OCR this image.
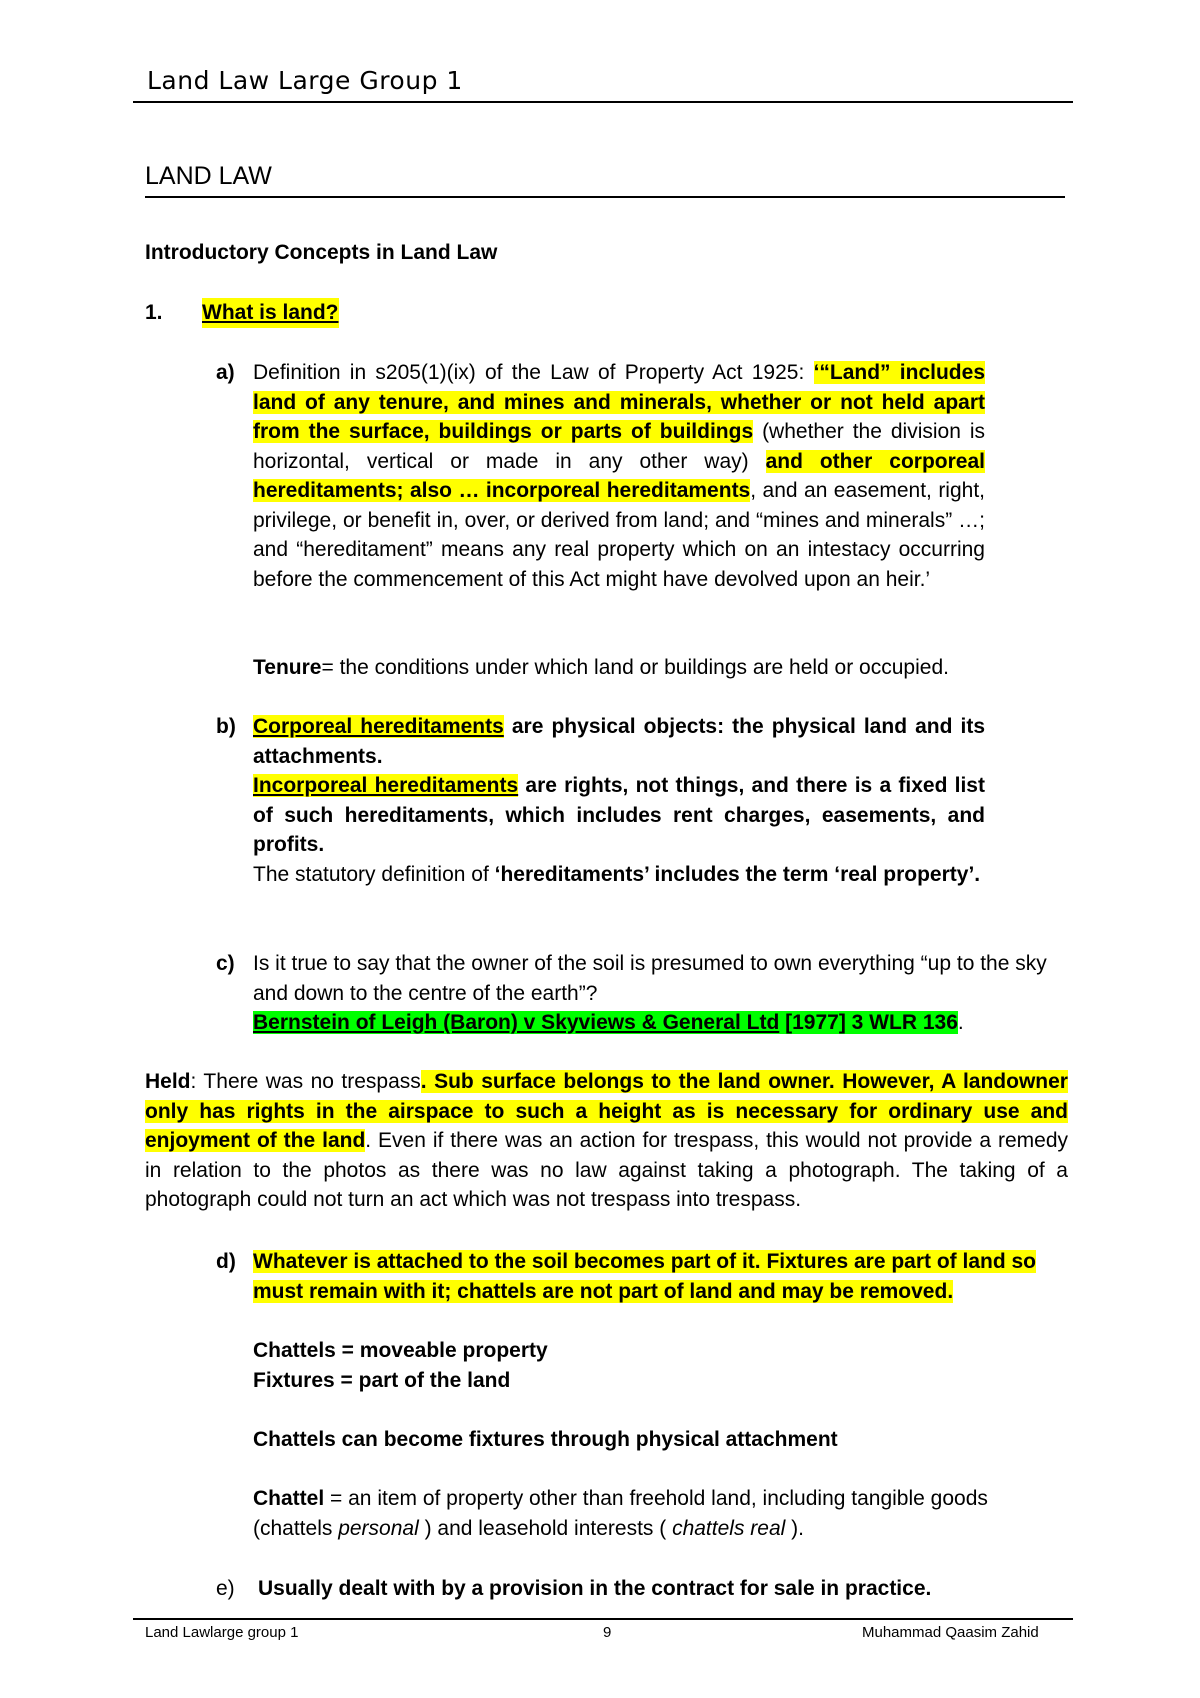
Land Law Large Group 1
LAND LAW
Introductory Concepts in Land Law
1. What is land?
a) Definition in s205(1)(ix) of the Law of Property Act 1925: ‘“Land” includes land of any tenure, and mines and minerals, whether or not held apart from the surface, buildings or parts of buildings (whether the division is horizontal, vertical or made in any other way) and other corporeal hereditaments; also … incorporeal hereditaments, and an easement, right, privilege, or benefit in, over, or derived from land; and “mines and minerals” …; and “hereditament” means any real property which on an intestacy occurring before the commencement of this Act might have devolved upon an heir.’
Tenure= the conditions under which land or buildings are held or occupied.
b) Corporeal hereditaments are physical objects: the physical land and its attachments.
Incorporeal hereditaments are rights, not things, and there is a fixed list of such hereditaments, which includes rent charges, easements, and profits.
The statutory definition of ‘hereditaments’ includes the term ‘real property’.
c) Is it true to say that the owner of the soil is presumed to own everything “up to the sky and down to the centre of the earth”?
Bernstein of Leigh (Baron) v Skyviews & General Ltd [1977] 3 WLR 136.
Held: There was no trespass. Sub surface belongs to the land owner. However, A landowner only has rights in the airspace to such a height as is necessary for ordinary use and enjoyment of the land. Even if there was an action for trespass, this would not provide a remedy in relation to the photos as there was no law against taking a photograph. The taking of a photograph could not turn an act which was not trespass into trespass.
d) Whatever is attached to the soil becomes part of it. Fixtures are part of land so must remain with it; chattels are not part of land and may be removed.
Chattels = moveable property
Fixtures = part of the land
Chattels can become fixtures through physical attachment
Chattel = an item of property other than freehold land, including tangible goods (chattels personal ) and leasehold interests ( chattels real ).
e) Usually dealt with by a provision in the contract for sale in practice.
Land Lawlarge group 1	9	Muhammad Qaasim Zahid
